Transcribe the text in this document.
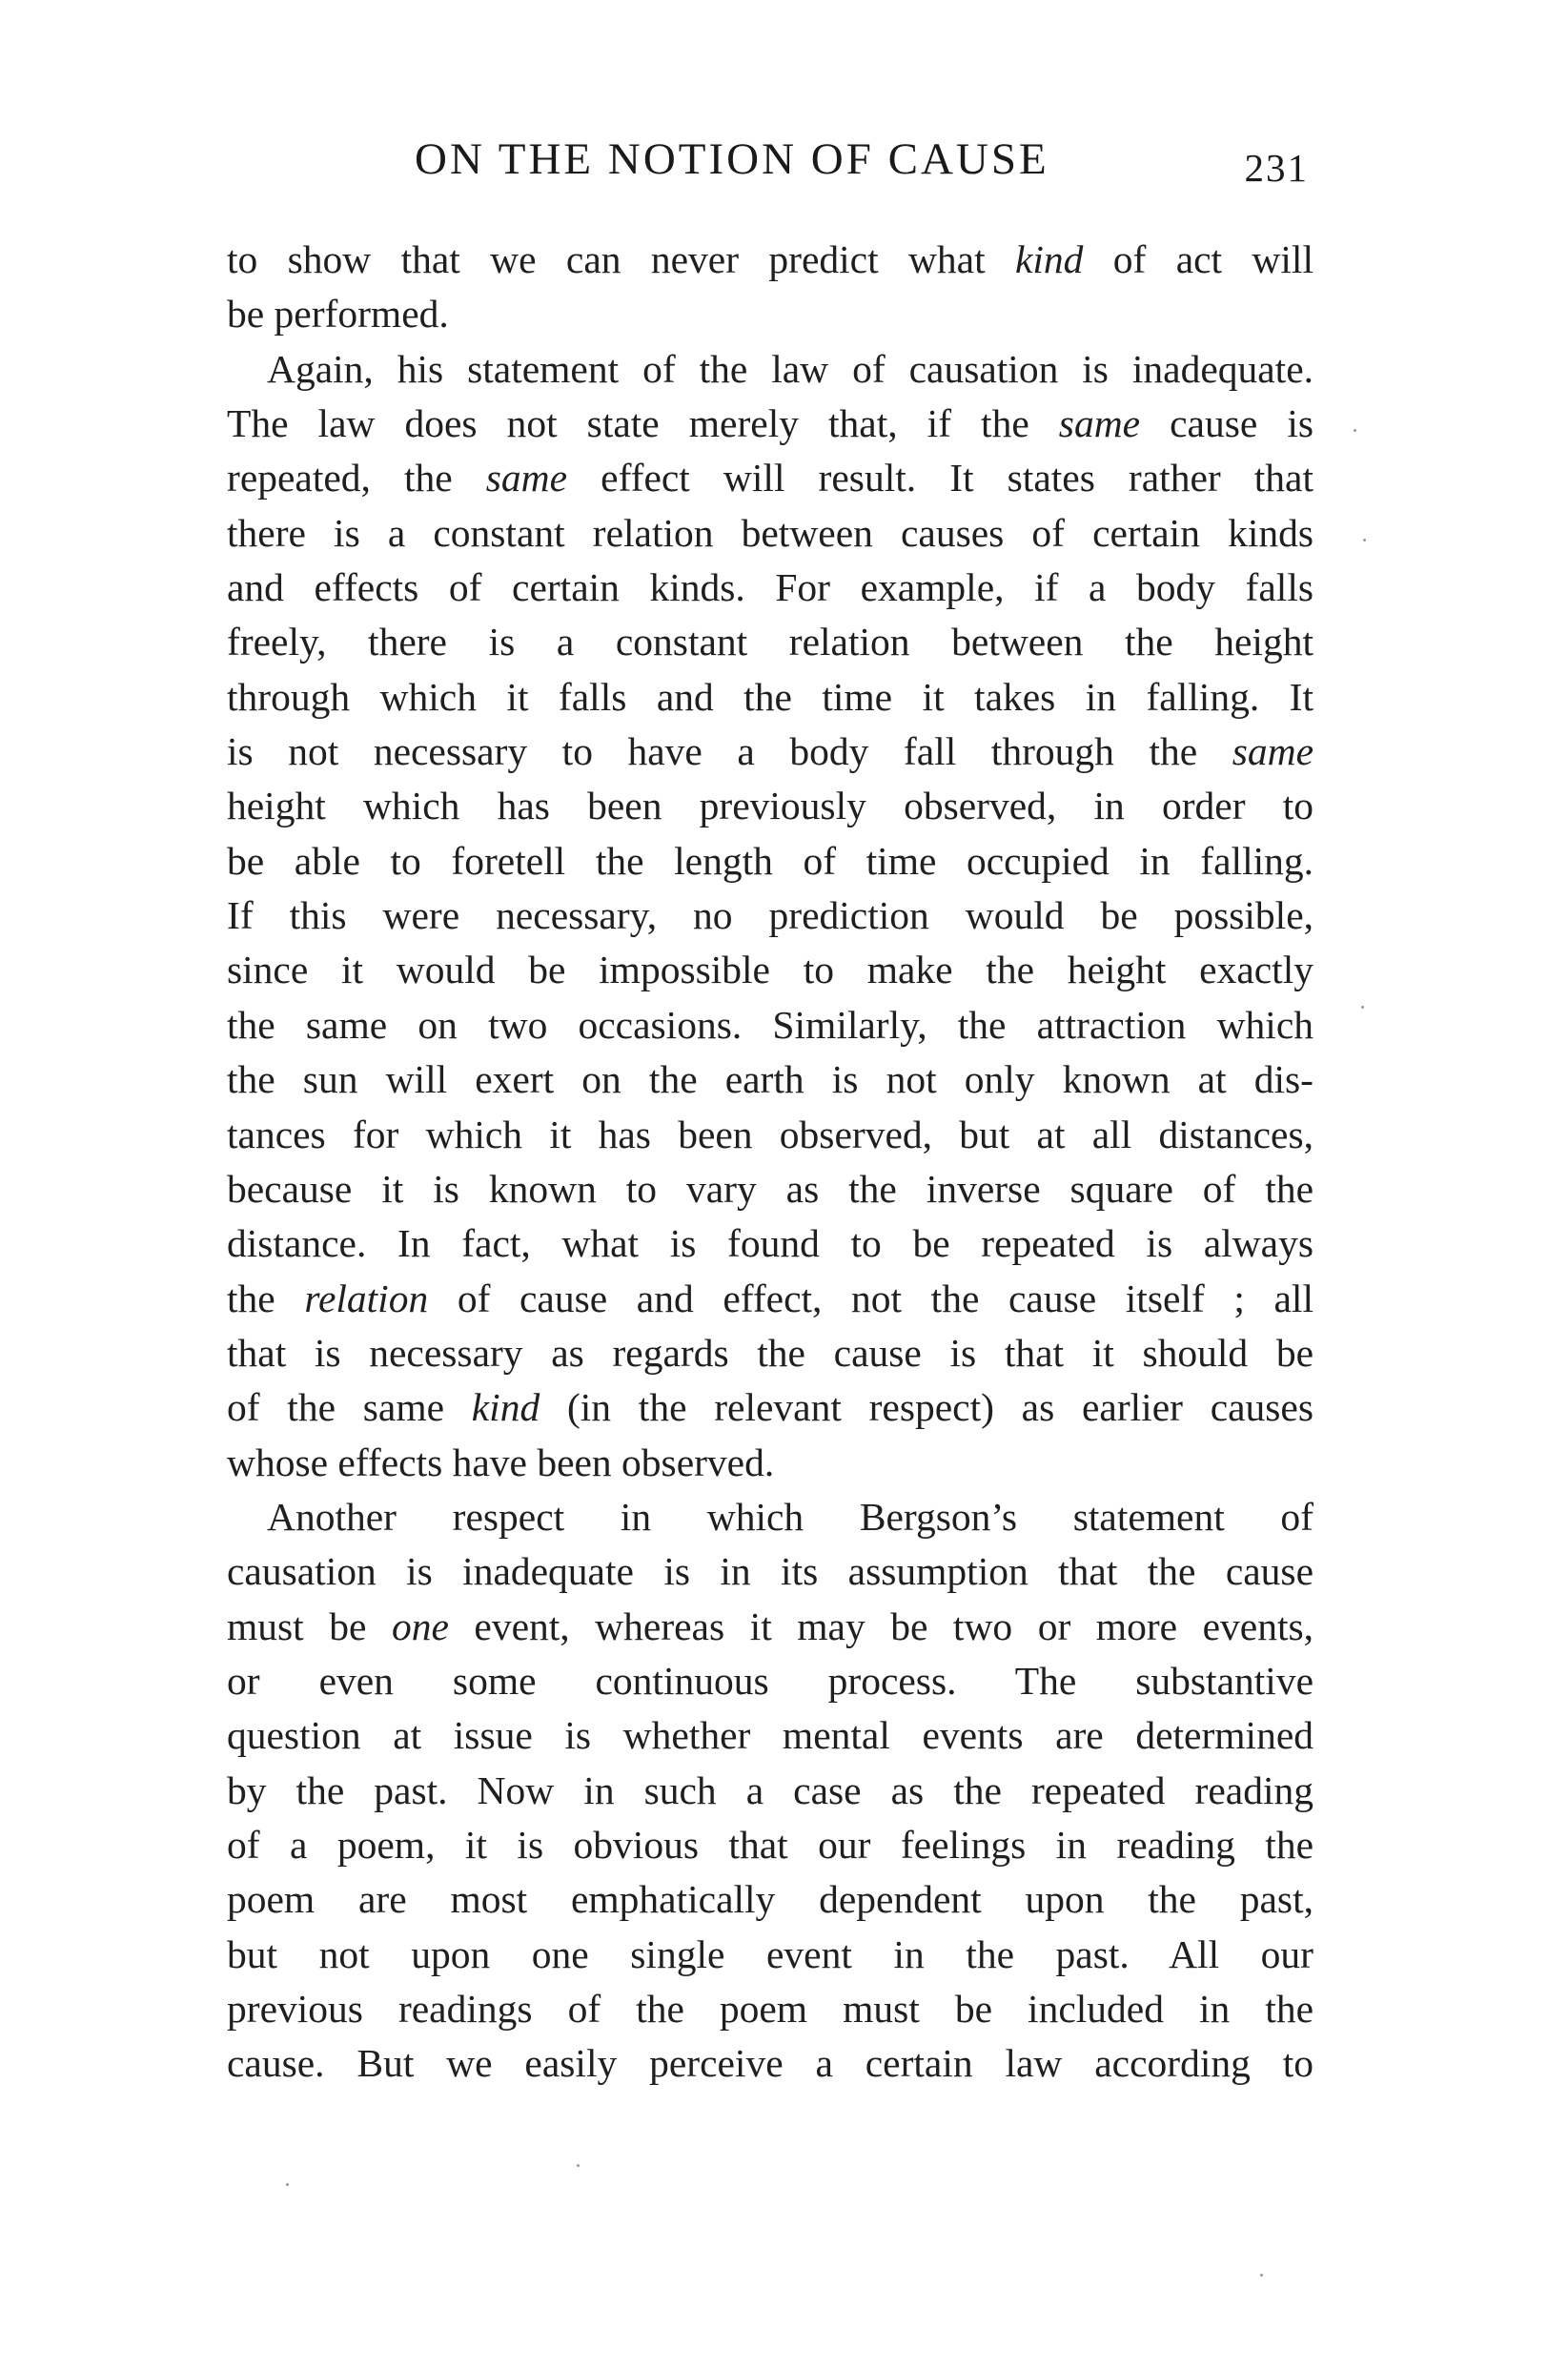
ON THE NOTION OF CAUSE	231
to show that we can never predict what kind of act will
be performed.
Again, his statement of the law of causation is inadequate.
The law does not state merely that, if the same cause is
repeated, the same effect will result. It states rather that
there is a constant relation between causes of certain kinds
and effects of certain kinds. For example, if a body falls
freely, there is a constant relation between the height
through which it falls and the time it takes in falling. It
is not necessary to have a body fall through the same
height which has been previously observed, in order to
be able to foretell the length of time occupied in falling.
If this were necessary, no prediction would be possible,
since it would be impossible to make the height exactly
the same on two occasions. Similarly, the attraction which
the sun will exert on the earth is not only known at dis-
tances for which it has been observed, but at all distances,
because it is known to vary as the inverse square of the
distance. In fact, what is found to be repeated is always
the relation of cause and effect, not the cause itself ; all
that is necessary as regards the cause is that it should be
of the same kind (in the relevant respect) as earlier causes
whose effects have been observed.
Another respect in which Bergson’s statement of
causation is inadequate is in its assumption that the cause
must be one event, whereas it may be two or more events,
or even some continuous process. The substantive
question at issue is whether mental events are determined
by the past. Now in such a case as the repeated reading
of a poem, it is obvious that our feelings in reading the
poem are most emphatically dependent upon the past,
but not upon one single event in the past. All our
previous readings of the poem must be included in the
cause. But we easily perceive a certain law according to
